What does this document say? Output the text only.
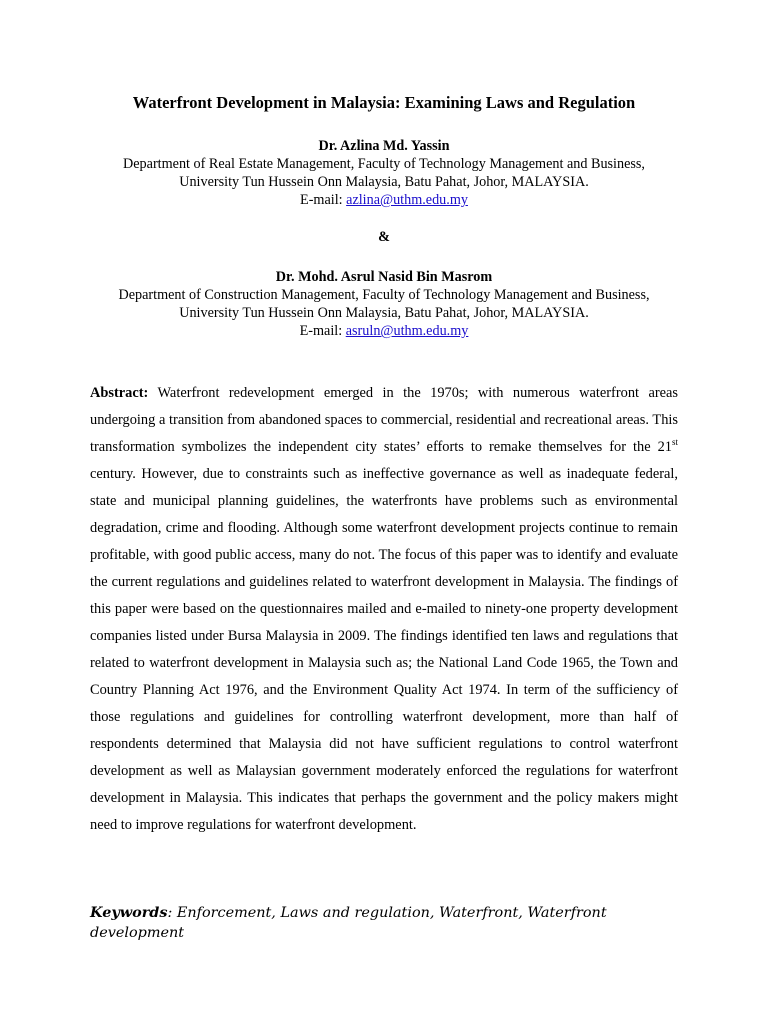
Waterfront Development in Malaysia: Examining Laws and Regulation
Dr. Azlina Md. Yassin
Department of Real Estate Management, Faculty of Technology Management and Business,
University Tun Hussein Onn Malaysia, Batu Pahat, Johor, MALAYSIA.
E-mail: azlina@uthm.edu.my
&
Dr. Mohd. Asrul Nasid Bin Masrom
Department of Construction Management, Faculty of Technology Management and Business,
University Tun Hussein Onn Malaysia, Batu Pahat, Johor, MALAYSIA.
E-mail: asruln@uthm.edu.my
Abstract: Waterfront redevelopment emerged in the 1970s; with numerous waterfront areas undergoing a transition from abandoned spaces to commercial, residential and recreational areas. This transformation symbolizes the independent city states’ efforts to remake themselves for the 21st century. However, due to constraints such as ineffective governance as well as inadequate federal, state and municipal planning guidelines, the waterfronts have problems such as environmental degradation, crime and flooding. Although some waterfront development projects continue to remain profitable, with good public access, many do not. The focus of this paper was to identify and evaluate the current regulations and guidelines related to waterfront development in Malaysia. The findings of this paper were based on the questionnaires mailed and e-mailed to ninety-one property development companies listed under Bursa Malaysia in 2009. The findings identified ten laws and regulations that related to waterfront development in Malaysia such as; the National Land Code 1965, the Town and Country Planning Act 1976, and the Environment Quality Act 1974. In term of the sufficiency of those regulations and guidelines for controlling waterfront development, more than half of respondents determined that Malaysia did not have sufficient regulations to control waterfront development as well as Malaysian government moderately enforced the regulations for waterfront development in Malaysia. This indicates that perhaps the government and the policy makers might need to improve regulations for waterfront development.
Keywords: Enforcement, Laws and regulation, Waterfront, Waterfront development
